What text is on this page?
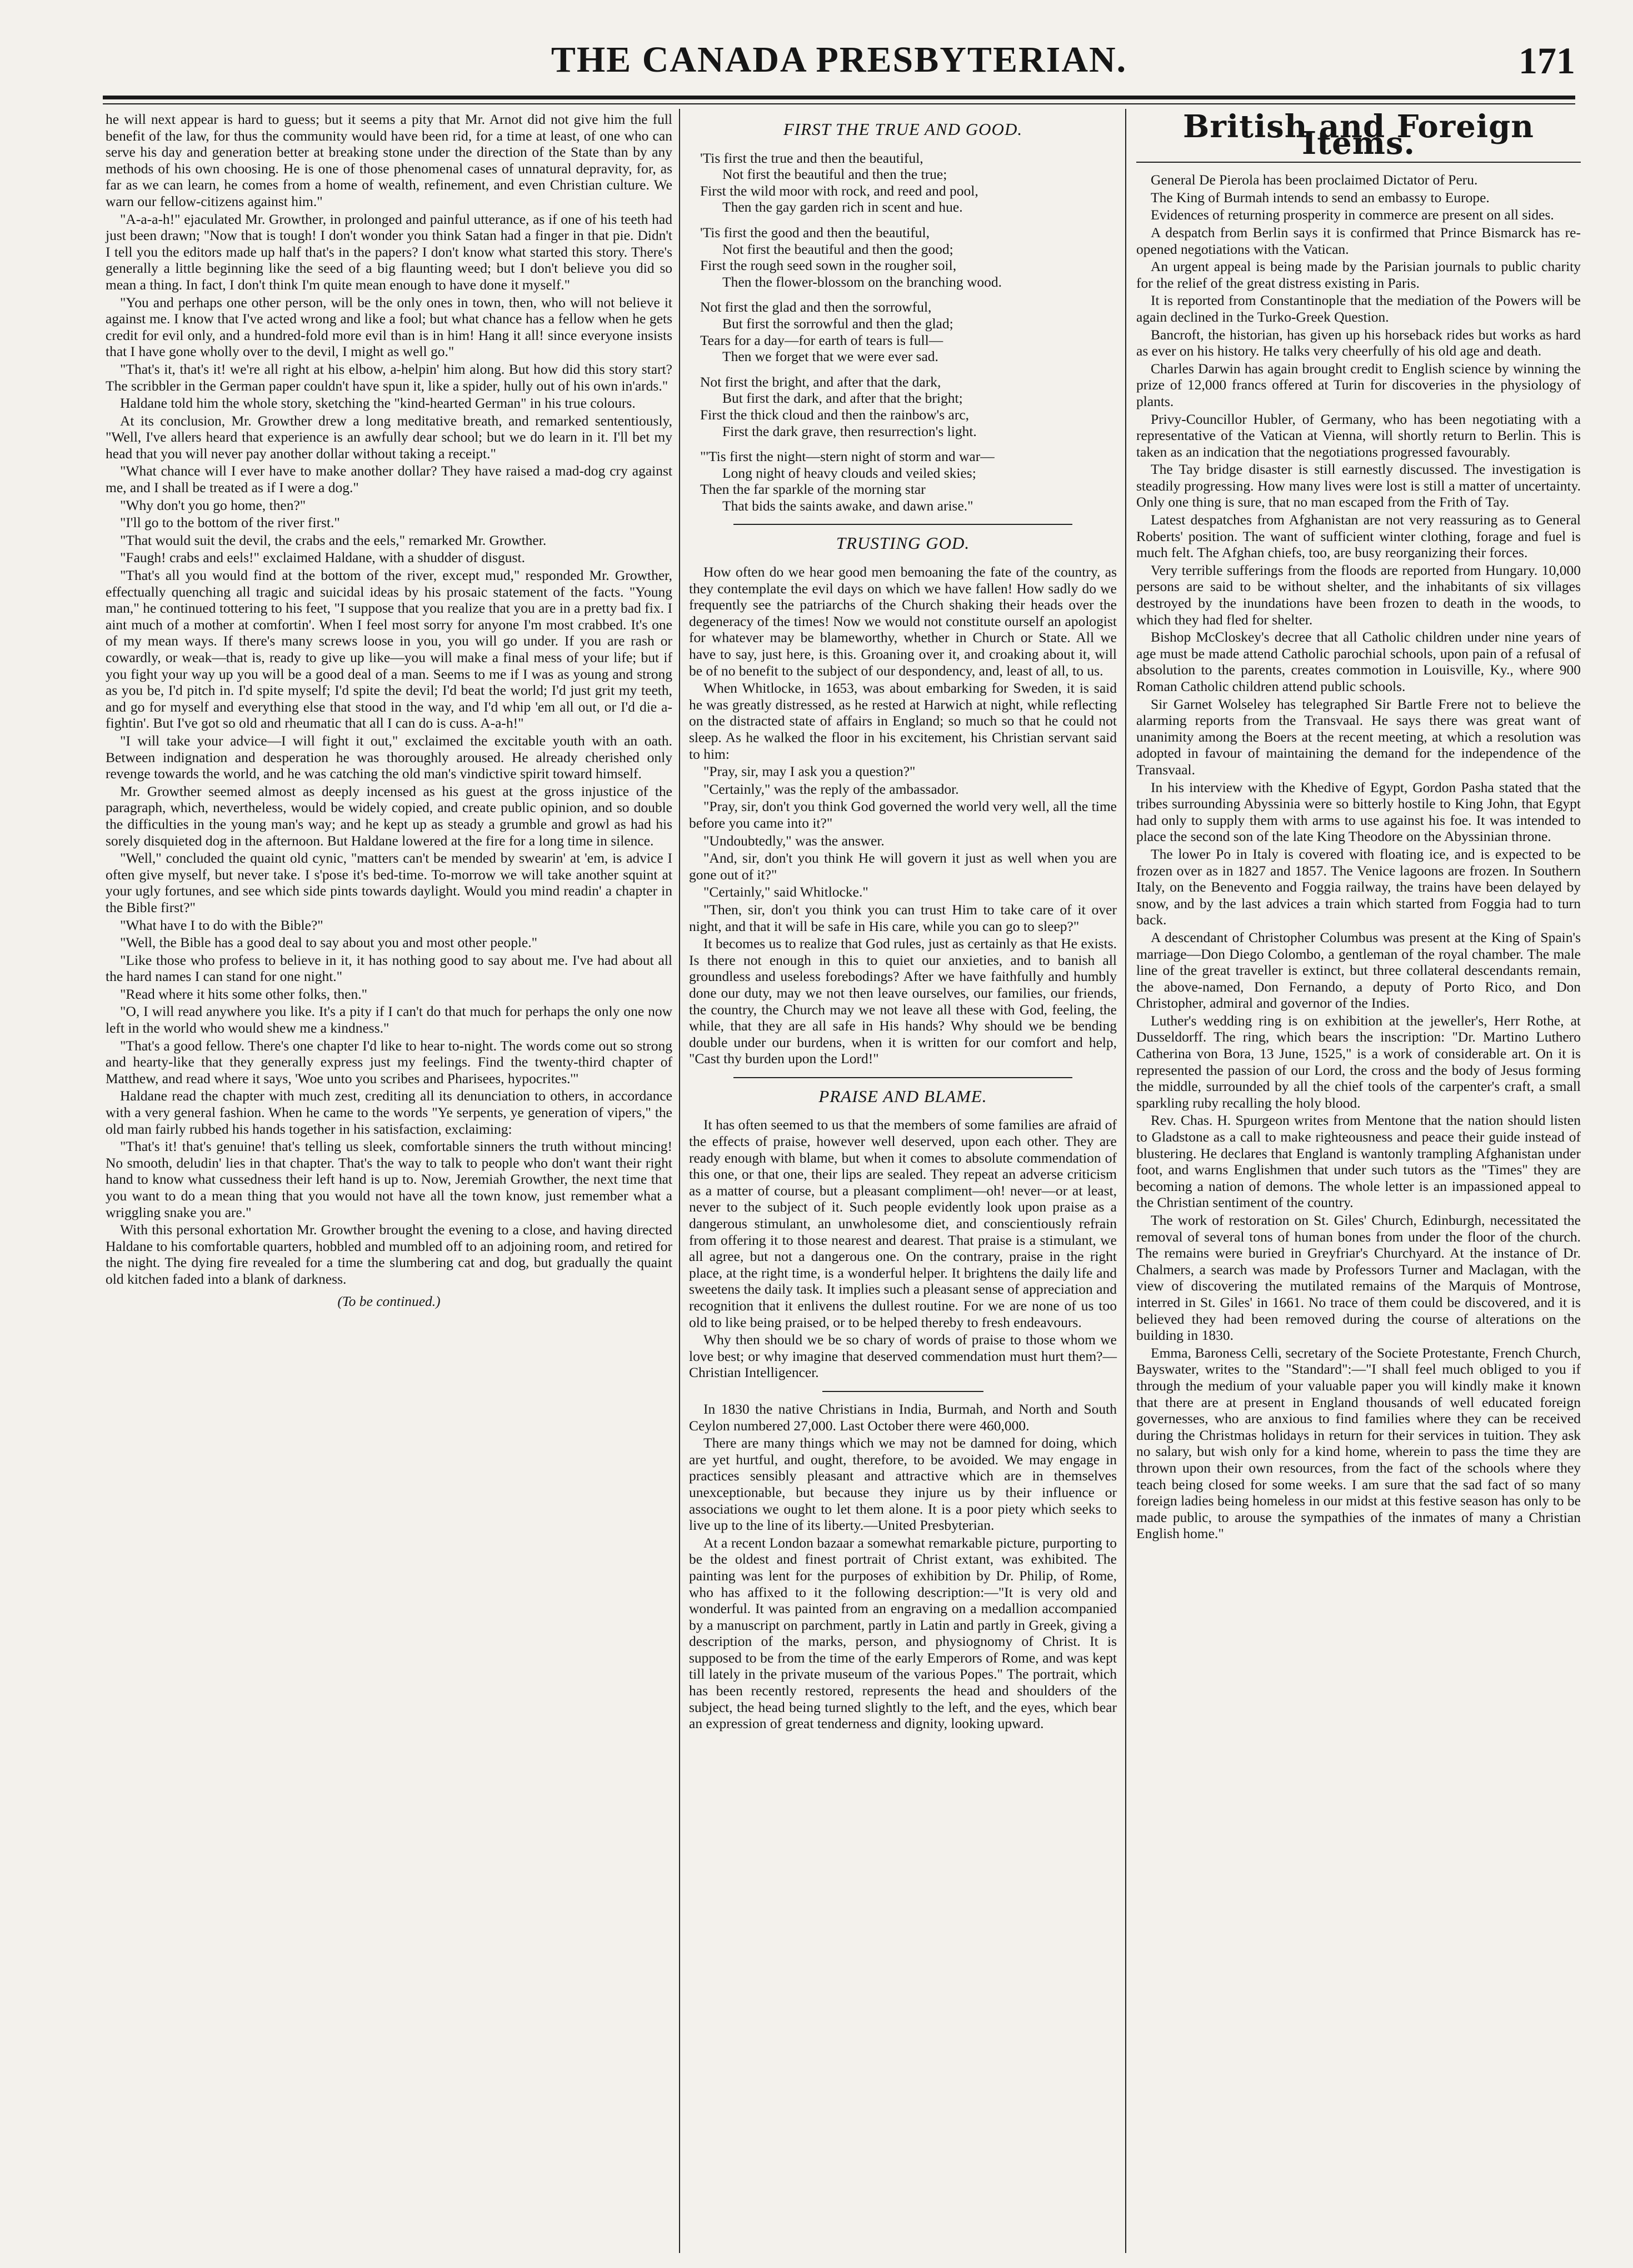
THE CANADA PRESBYTERIAN.	171

he will next appear is hard to guess; but it seems a pity that Mr. Arnot did not give him the full benefit of the law, for thus the community would have been rid, for a time at least, of one who can serve his day and generation better at breaking stone under the direction of the State than by any methods of his own choosing. He is one of those phenomenal cases of unnatural depravity, for, as far as we can learn, he comes from a home of wealth, refinement, and even Christian culture. We warn our fellow-citizens against him."

"A-a-a-h!" ejaculated Mr. Growther, in prolonged and painful utterance, as if one of his teeth had just been drawn; "Now that is tough! I don't wonder you think Satan had a finger in that pie. Didn't I tell you the editors made up half that's in the papers? I don't know what started this story. There's generally a little beginning like the seed of a big flaunting weed; but I don't believe you did so mean a thing. In fact, I don't think I'm quite mean enough to have done it myself."

"You and perhaps one other person, will be the only ones in town, then, who will not believe it against me. I know that I've acted wrong and like a fool; but what chance has a fellow when he gets credit for evil only, and a hundred-fold more evil than is in him! Hang it all! since everyone insists that I have gone wholly over to the devil, I might as well go."

"That's it, that's it! we're all right at his elbow, a-helpin' him along. But how did this story start? The scribbler in the German paper couldn't have spun it, like a spider, hully out of his own in'ards."

Haldane told him the whole story, sketching the "kind-hearted German" in his true colours.

At its conclusion, Mr. Growther drew a long meditative breath, and remarked sententiously, "Well, I've allers heard that experience is an awfully dear school; but we do learn in it. I'll bet my head that you will never pay another dollar without taking a receipt."

"What chance will I ever have to make another dollar? They have raised a mad-dog cry against me, and I shall be treated as if I were a dog."

"Why don't you go home, then?"

"I'll go to the bottom of the river first."

"That would suit the devil, the crabs and the eels," remarked Mr. Growther.

"Faugh! crabs and eels!" exclaimed Haldane, with a shudder of disgust.

"That's all you would find at the bottom of the river, except mud," responded Mr. Growther, effectually quenching all tragic and suicidal ideas by his prosaic statement of the facts. "Young man," he continued tottering to his feet, "I suppose that you realize that you are in a pretty bad fix. I aint much of a mother at comfortin'. When I feel most sorry for anyone I'm most crabbed. It's one of my mean ways. If there's many screws loose in you, you will go under. If you are rash or cowardly, or weak—that is, ready to give up like—you will make a final mess of your life; but if you fight your way up you will be a good deal of a man. Seems to me if I was as young and strong as you be, I'd pitch in. I'd spite myself; I'd spite the devil; I'd beat the world; I'd just grit my teeth, and go for myself and everything else that stood in the way, and I'd whip 'em all out, or I'd die a-fightin'. But I've got so old and rheumatic that all I can do is cuss. A-a-h!"

"I will take your advice—I will fight it out," exclaimed the excitable youth with an oath. Between indignation and desperation he was thoroughly aroused. He already cherished only revenge towards the world, and he was catching the old man's vindictive spirit toward himself.

Mr. Growther seemed almost as deeply incensed as his guest at the gross injustice of the paragraph, which, nevertheless, would be widely copied, and create public opinion, and so double the difficulties in the young man's way; and he kept up as steady a grumble and growl as had his sorely disquieted dog in the afternoon. But Haldane lowered at the fire for a long time in silence.

"Well," concluded the quaint old cynic, "matters can't be mended by swearin' at 'em, is advice I often give myself, but never take. I s'pose it's bed-time. To-morrow we will take another squint at your ugly fortunes, and see which side pints towards daylight. Would you mind readin' a chapter in the Bible first?"

"What have I to do with the Bible?"

"Well, the Bible has a good deal to say about you and most other people."

"Like those who profess to believe in it, it has nothing good to say about me. I've had about all the hard names I can stand for one night."

"Read where it hits some other folks, then."

"O, I will read anywhere you like. It's a pity if I can't do that much for perhaps the only one now left in the world who would shew me a kindness."

"That's a good fellow. There's one chapter I'd like to hear to-night. The words come out so strong and hearty-like that they generally express just my feelings. Find the twenty-third chapter of Matthew, and read where it says, 'Woe unto you scribes and Pharisees, hypocrites.'"

Haldane read the chapter with much zest, crediting all its denunciation to others, in accordance with a very general fashion. When he came to the words "Ye serpents, ye generation of vipers," the old man fairly rubbed his hands together in his satisfaction, exclaiming:

"That's it! that's genuine! that's telling us sleek, comfortable sinners the truth without mincing! No smooth, deludin' lies in that chapter. That's the way to talk to people who don't want their right hand to know what cussedness their left hand is up to. Now, Jeremiah Growther, the next time that you want to do a mean thing that you would not have all the town know, just remember what a wriggling snake you are."

With this personal exhortation Mr. Growther brought the evening to a close, and having directed Haldane to his comfortable quarters, hobbled and mumbled off to an adjoining room, and retired for the night. The dying fire revealed for a time the slumbering cat and dog, but gradually the quaint old kitchen faded into a blank of darkness.

(To be continued.)
FIRST THE TRUE AND GOOD.
'Tis first the true and then the beautiful,
Not first the beautiful and then the true;
First the wild moor with rock, and reed and pool,
Then the gay garden rich in scent and hue.
'Tis first the good and then the beautiful,
Not first the beautiful and then the good;
First the rough seed sown in the rougher soil,
Then the flower-blossom on the branching wood.
Not first the glad and then the sorrowful,
But first the sorrowful and then the glad;
Tears for a day—for earth of tears is full—
Then we forget that we were ever sad.
Not first the bright, and after that the dark,
But first the dark, and after that the bright;
First the thick cloud and then the rainbow's arc,
First the dark grave, then resurrection's light.
"'Tis first the night—stern night of storm and war—
Long night of heavy clouds and veiled skies;
Then the far sparkle of the morning star
That bids the saints awake, and dawn arise."
TRUSTING GOD.

How often do we hear good men bemoaning the fate of the country, as they contemplate the evil days on which we have fallen! How sadly do we frequently see the patriarchs of the Church shaking their heads over the degeneracy of the times! Now we would not constitute ourself an apologist for whatever may be blameworthy, whether in Church or State. All we have to say, just here, is this. Groaning over it, and croaking about it, will be of no benefit to the subject of our despondency, and, least of all, to us.

When Whitlocke, in 1653, was about embarking for Sweden, it is said he was greatly distressed, as he rested at Harwich at night, while reflecting on the distracted state of affairs in England; so much so that he could not sleep. As he walked the floor in his excitement, his Christian servant said to him:

"Pray, sir, may I ask you a question?"

"Certainly," was the reply of the ambassador.

"Pray, sir, don't you think God governed the world very well, all the time before you came into it?"

"Undoubtedly," was the answer.

"And, sir, don't you think He will govern it just as well when you are gone out of it?"

"Certainly," said Whitlocke."

"Then, sir, don't you think you can trust Him to take care of it over night, and that it will be safe in His care, while you can go to sleep?"

It becomes us to realize that God rules, just as certainly as that He exists. Is there not enough in this to quiet our anxieties, and to banish all groundless and useless forebodings? After we have faithfully and humbly done our duty, may we not then leave ourselves, our families, our friends, the country, the Church may we not leave all these with God, feeling, the while, that they are all safe in His hands? Why should we be bending double under our burdens, when it is written for our comfort and help, "Cast thy burden upon the Lord!"

PRAISE AND BLAME.

It has often seemed to us that the members of some families are afraid of the effects of praise, however well deserved, upon each other. They are ready enough with blame, but when it comes to absolute commendation of this one, or that one, their lips are sealed. They repeat an adverse criticism as a matter of course, but a pleasant compliment—oh! never—or at least, never to the subject of it. Such people evidently look upon praise as a dangerous stimulant, an unwholesome diet, and conscientiously refrain from offering it to those nearest and dearest. That praise is a stimulant, we all agree, but not a dangerous one. On the contrary, praise in the right place, at the right time, is a wonderful helper. It brightens the daily life and sweetens the daily task. It implies such a pleasant sense of appreciation and recognition that it enlivens the dullest routine. For we are none of us too old to like being praised, or to be helped thereby to fresh endeavours.

Why then should we be so chary of words of praise to those whom we love best; or why imagine that deserved commendation must hurt them?—Christian Intelligencer.

In 1830 the native Christians in India, Burmah, and North and South Ceylon numbered 27,000. Last October there were 460,000.

There are many things which we may not be damned for doing, which are yet hurtful, and ought, therefore, to be avoided. We may engage in practices sensibly pleasant and attractive which are in themselves unexceptionable, but because they injure us by their influence or associations we ought to let them alone. It is a poor piety which seeks to live up to the line of its liberty.—United Presbyterian.

At a recent London bazaar a somewhat remarkable picture, purporting to be the oldest and finest portrait of Christ extant, was exhibited. The painting was lent for the purposes of exhibition by Dr. Philip, of Rome, who has affixed to it the following description:—"It is very old and wonderful. It was painted from an engraving on a medallion accompanied by a manuscript on parchment, partly in Latin and partly in Greek, giving a description of the marks, person, and physiognomy of Christ. It is supposed to be from the time of the early Emperors of Rome, and was kept till lately in the private museum of the various Popes." The portrait, which has been recently restored, represents the head and shoulders of the subject, the head being turned slightly to the left, and the eyes, which bear an expression of great tenderness and dignity, looking upward.

British and Foreign Items.

General De Pierola has been proclaimed Dictator of Peru.

The King of Burmah intends to send an embassy to Europe.

Evidences of returning prosperity in commerce are present on all sides.

A despatch from Berlin says it is confirmed that Prince Bismarck has re-opened negotiations with the Vatican.

An urgent appeal is being made by the Parisian journals to public charity for the relief of the great distress existing in Paris.

It is reported from Constantinople that the mediation of the Powers will be again declined in the Turko-Greek Question.

Bancroft, the historian, has given up his horseback rides but works as hard as ever on his history. He talks very cheerfully of his old age and death.

Charles Darwin has again brought credit to English science by winning the prize of 12,000 francs offered at Turin for discoveries in the physiology of plants.

Privy-Councillor Hubler, of Germany, who has been negotiating with a representative of the Vatican at Vienna, will shortly return to Berlin. This is taken as an indication that the negotiations progressed favourably.

The Tay bridge disaster is still earnestly discussed. The investigation is steadily progressing. How many lives were lost is still a matter of uncertainty. Only one thing is sure, that no man escaped from the Frith of Tay.

Latest despatches from Afghanistan are not very reassuring as to General Roberts' position. The want of sufficient winter clothing, forage and fuel is much felt. The Afghan chiefs, too, are busy reorganizing their forces.

Very terrible sufferings from the floods are reported from Hungary. 10,000 persons are said to be without shelter, and the inhabitants of six villages destroyed by the inundations have been frozen to death in the woods, to which they had fled for shelter.

Bishop McCloskey's decree that all Catholic children under nine years of age must be made attend Catholic parochial schools, upon pain of a refusal of absolution to the parents, creates commotion in Louisville, Ky., where 900 Roman Catholic children attend public schools.

Sir Garnet Wolseley has telegraphed Sir Bartle Frere not to believe the alarming reports from the Transvaal. He says there was great want of unanimity among the Boers at the recent meeting, at which a resolution was adopted in favour of maintaining the demand for the independence of the Transvaal.

In his interview with the Khedive of Egypt, Gordon Pasha stated that the tribes surrounding Abyssinia were so bitterly hostile to King John, that Egypt had only to supply them with arms to use against his foe. It was intended to place the second son of the late King Theodore on the Abyssinian throne.

The lower Po in Italy is covered with floating ice, and is expected to be frozen over as in 1827 and 1857. The Venice lagoons are frozen. In Southern Italy, on the Benevento and Foggia railway, the trains have been delayed by snow, and by the last advices a train which started from Foggia had to turn back.

A descendant of Christopher Columbus was present at the King of Spain's marriage—Don Diego Colombo, a gentleman of the royal chamber. The male line of the great traveller is extinct, but three collateral descendants remain, the above-named, Don Fernando, a deputy of Porto Rico, and Don Christopher, admiral and governor of the Indies.

Luther's wedding ring is on exhibition at the jeweller's, Herr Rothe, at Dusseldorff. The ring, which bears the inscription: "Dr. Martino Luthero Catherina von Bora, 13 June, 1525," is a work of considerable art. On it is represented the passion of our Lord, the cross and the body of Jesus forming the middle, surrounded by all the chief tools of the carpenter's craft, a small sparkling ruby recalling the holy blood.

Rev. Chas. H. Spurgeon writes from Mentone that the nation should listen to Gladstone as a call to make righteousness and peace their guide instead of blustering. He declares that England is wantonly trampling Afghanistan under foot, and warns Englishmen that under such tutors as the "Times" they are becoming a nation of demons. The whole letter is an impassioned appeal to the Christian sentiment of the country.

The work of restoration on St. Giles' Church, Edinburgh, necessitated the removal of several tons of human bones from under the floor of the church. The remains were buried in Greyfriar's Churchyard. At the instance of Dr. Chalmers, a search was made by Professors Turner and Maclagan, with the view of discovering the mutilated remains of the Marquis of Montrose, interred in St. Giles' in 1661. No trace of them could be discovered, and it is believed they had been removed during the course of alterations on the building in 1830.

Emma, Baroness Celli, secretary of the Societe Protestante, French Church, Bayswater, writes to the "Standard":—"I shall feel much obliged to you if through the medium of your valuable paper you will kindly make it known that there are at present in England thousands of well educated foreign governesses, who are anxious to find families where they can be received during the Christmas holidays in return for their services in tuition. They ask no salary, but wish only for a kind home, wherein to pass the time they are thrown upon their own resources, from the fact of the schools where they teach being closed for some weeks. I am sure that the sad fact of so many foreign ladies being homeless in our midst at this festive season has only to be made public, to arouse the sympathies of the inmates of many a Christian English home."
